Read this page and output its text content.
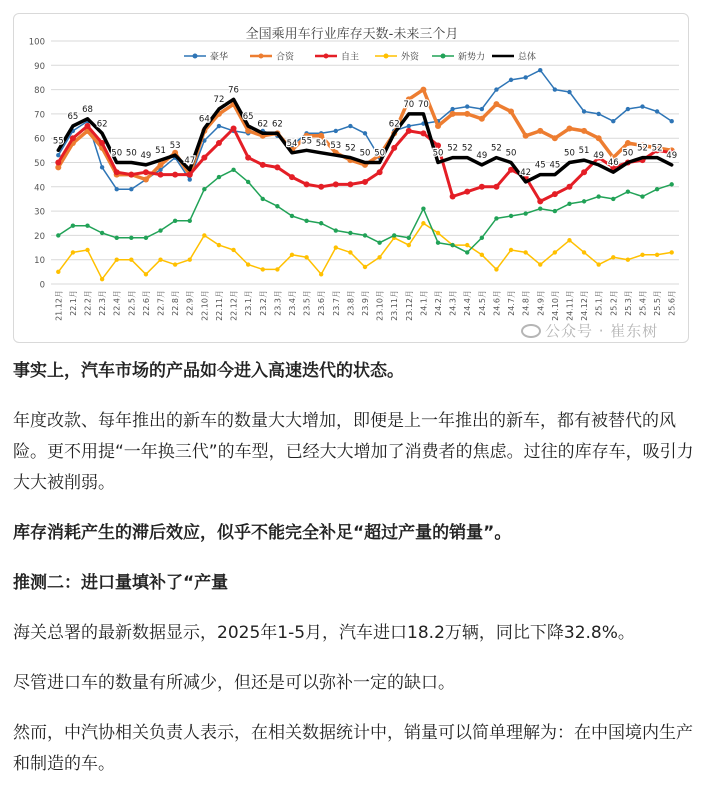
0
10
20
30
40
50
60
70
80
90
100
21.12月 22.1月 22.2月 22.3月 22.4月 22.5月 22.6月 22.7月 22.8月 22.9月 22.10月 22.11月 22.12月 23.1月 23.2月 23.3月 23.4月 23.5月 23.6月 23.7月 23.8月 23.9月 23.10月 23.11月 23.12月 24.1月 24.2月 24.3月 24.4月 24.5月 24.6月 24.7月 24.8月 24.9月 24.10月 24.11月 24.12月 25.1月 25.2月 25.3月 25.4月 25.5月 25.6月
全国乘用车行业库存天数-未来三个月
豪华	合资	自主	外资	新势力	总体
55
65
68
62
50 50 49 51 53
47
64
72
76
65
62 62
54 55 54 53 52 50 50
62
70 70
50 52 52
49
52 50
42
45 45
50 51 49
46
50 52 52
49
公众号 · 崔东树

事实上，汽车市场的产品如今进入高速迭代的状态。

年度改款、每年推出的新车的数量大大增加，即便是上一年推出的新车，都有被替代的风险。更不用提“一年换三代”的车型，已经大大增加了消费者的焦虑。过往的库存车，吸引力大大被削弱。

库存消耗产生的滞后效应，似乎不能完全补足“超过产量的销量”。

推测二：进口量填补了“产量

海关总署的最新数据显示，2025年1-5月，汽车进口18.2万辆，同比下降32.8%。

尽管进口车的数量有所减少，但还是可以弥补一定的缺口。

然而，中汽协相关负责人表示，在相关数据统计中，销量可以简单理解为：在中国境内生产和制造的车。
